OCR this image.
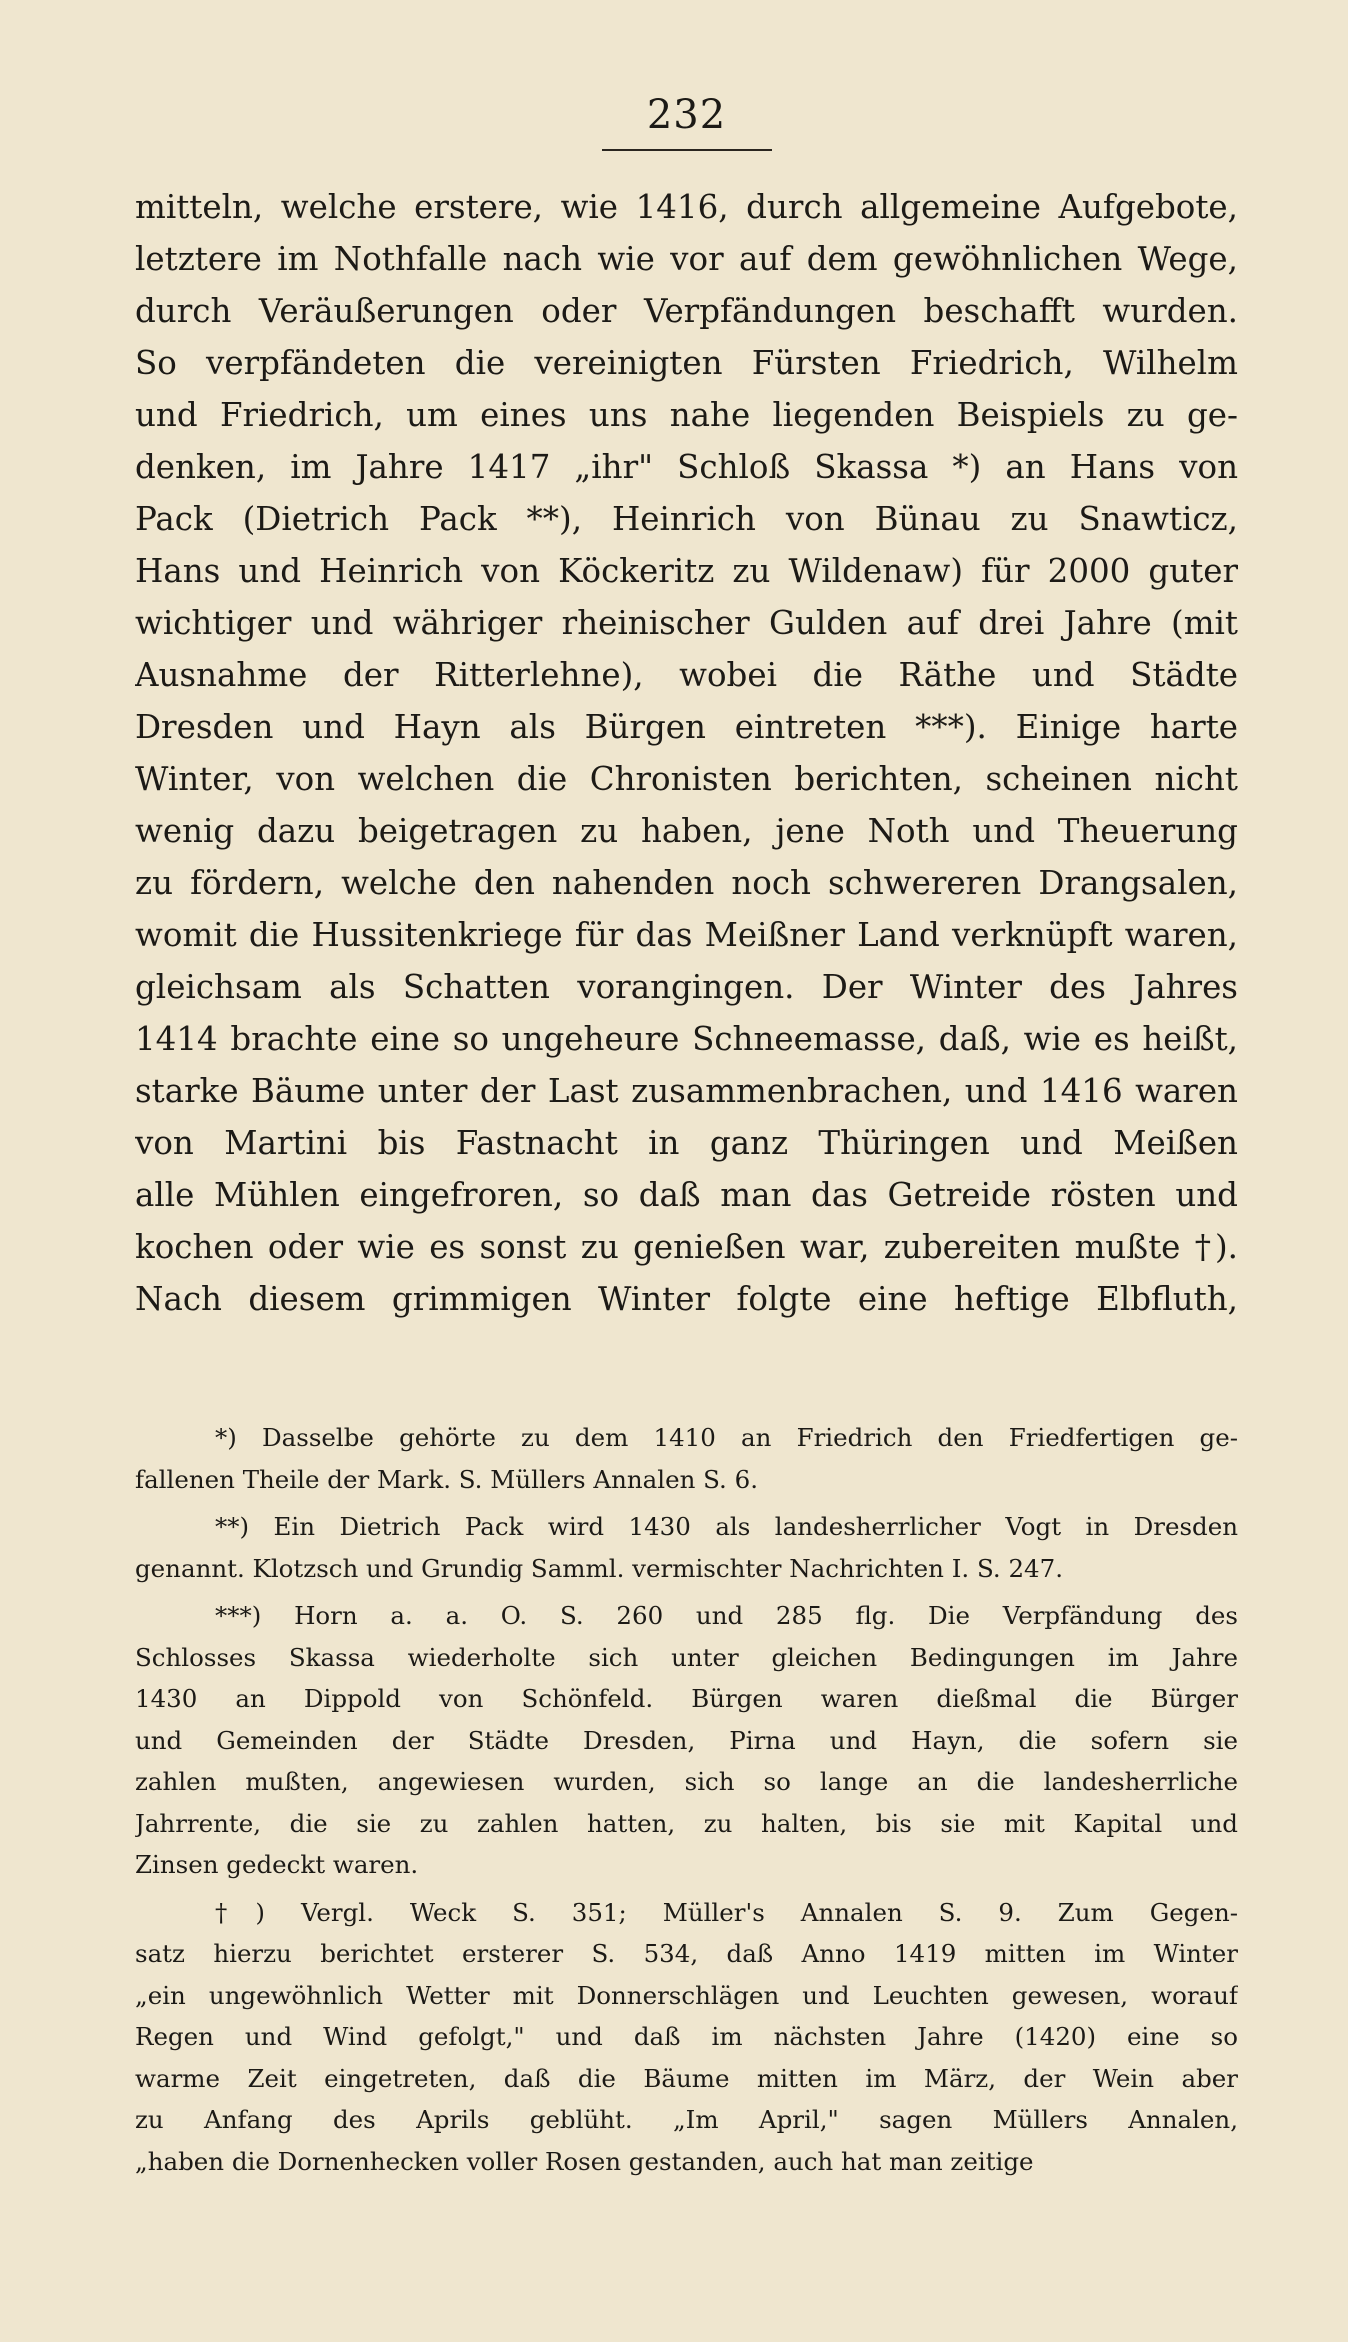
232
mitteln, welche erstere, wie 1416, durch allgemeine Aufgebote,
letztere im Nothfalle nach wie vor auf dem gewöhnlichen Wege,
durch Veräußerungen oder Verpfändungen beschafft wurden.
So verpfändeten die vereinigten Fürsten Friedrich, Wilhelm
und Friedrich, um eines uns nahe liegenden Beispiels zu ge-
denken, im Jahre 1417 „ihr" Schloß Skassa *) an Hans von
Pack (Dietrich Pack **), Heinrich von Bünau zu Snawticz,
Hans und Heinrich von Köckeritz zu Wildenaw) für 2000 guter
wichtiger und währiger rheinischer Gulden auf drei Jahre (mit
Ausnahme der Ritterlehne), wobei die Räthe und Städte
Dresden und Hayn als Bürgen eintreten ***). Einige harte
Winter, von welchen die Chronisten berichten, scheinen nicht
wenig dazu beigetragen zu haben, jene Noth und Theuerung
zu fördern, welche den nahenden noch schwereren Drangsalen,
womit die Hussitenkriege für das Meißner Land verknüpft waren,
gleichsam als Schatten vorangingen. Der Winter des Jahres
1414 brachte eine so ungeheure Schneemasse, daß, wie es heißt,
starke Bäume unter der Last zusammenbrachen, und 1416 waren
von Martini bis Fastnacht in ganz Thüringen und Meißen
alle Mühlen eingefroren, so daß man das Getreide rösten und
kochen oder wie es sonst zu genießen war, zubereiten mußte †).
Nach diesem grimmigen Winter folgte eine heftige Elbfluth,
*) Dasselbe gehörte zu dem 1410 an Friedrich den Friedfertigen ge-
fallenen Theile der Mark. S. Müllers Annalen S. 6.
**) Ein Dietrich Pack wird 1430 als landesherrlicher Vogt in Dresden
genannt. Klotzsch und Grundig Samml. vermischter Nachrichten I. S. 247.
***) Horn a. a. O. S. 260 und 285 flg. Die Verpfändung des
Schlosses Skassa wiederholte sich unter gleichen Bedingungen im Jahre
1430 an Dippold von Schönfeld. Bürgen waren dießmal die Bürger
und Gemeinden der Städte Dresden, Pirna und Hayn, die sofern sie
zahlen mußten, angewiesen wurden, sich so lange an die landesherrliche
Jahrrente, die sie zu zahlen hatten, zu halten, bis sie mit Kapital und
Zinsen gedeckt waren.
†) Vergl. Weck S. 351; Müller's Annalen S. 9. Zum Gegen-
satz hierzu berichtet ersterer S. 534, daß Anno 1419 mitten im Winter
„ein ungewöhnlich Wetter mit Donnerschlägen und Leuchten gewesen, worauf
Regen und Wind gefolgt," und daß im nächsten Jahre (1420) eine so
warme Zeit eingetreten, daß die Bäume mitten im März, der Wein aber
zu Anfang des Aprils geblüht. „Im April," sagen Müllers Annalen,
„haben die Dornenhecken voller Rosen gestanden, auch hat man zeitige
